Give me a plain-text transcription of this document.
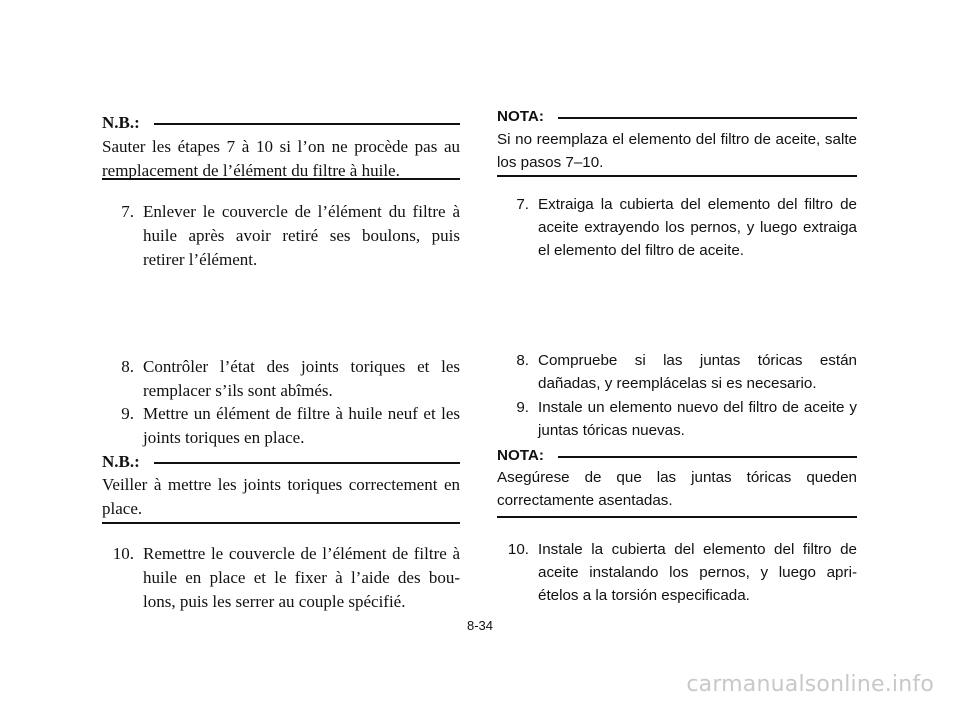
N.B.:
Sauter les étapes 7 à 10 si l’on ne procède pas au remplacement de l’élément du filtre à huile.
7. Enlever le couvercle de l’élément du filtre à huile après avoir retiré ses boulons, puis retirer l’élément.
8. Contrôler l’état des joints toriques et les remplacer s’ils sont abîmés.
9. Mettre un élément de filtre à huile neuf et les joints toriques en place.
N.B.:
Veiller à mettre les joints toriques correctement en place.
10. Remettre le couvercle de l’élément de filtre à huile en place et le fixer à l’aide des bou- lons, puis les serrer au couple spécifié.
NOTA:
Si no reemplaza el elemento del filtro de aceite, salte los pasos 7–10.
7. Extraiga la cubierta del elemento del filtro de aceite extrayendo los pernos, y luego extraiga el elemento del filtro de aceite.
8. Compruebe si las juntas tóricas están dañadas, y reemplácelas si es necesario.
9. Instale un elemento nuevo del filtro de aceite y juntas tóricas nuevas.
NOTA:
Asegúrese de que las juntas tóricas queden correctamente asentadas.
10. Instale la cubierta del elemento del filtro de aceite instalando los pernos, y luego apri- ételos a la torsión especificada.
8-34
carmanualsonline.info
